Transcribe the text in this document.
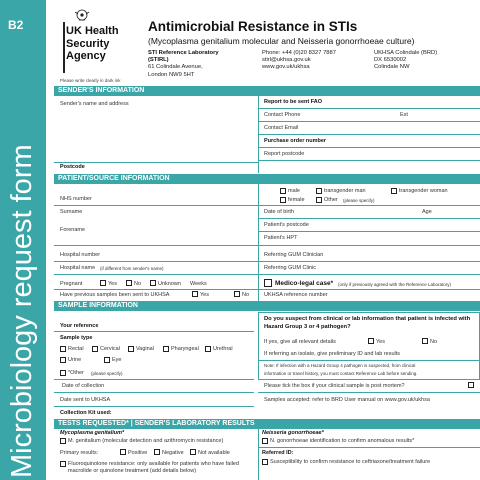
B2
Microbiology request form
UK Health
Security
Agency
Please write clearly in dark ink
Antimicrobial Resistance in STIs
(Mycoplasma genitalium molecular and Neisseria gonorrhoeae culture)
STI Reference Laboratory
(STIRL)
61 Colindale Avenue,
London NW9 5HT
Phone: +44 (0)20 8327 7887
stirl@ukhsa.gov.uk
www.gov.uk/ukhsa
UKHSA Colindale (BRD)
DX 6530002
Colindale NW
SENDER'S INFORMATION
Sender's name and address
Postcode
Report to be sent FAO
Contact Phone	Ext
Contact Email
Purchase order number
Report postcode
PATIENT/SOURCE INFORMATION
male	transgender man	transgender woman
female	Other (please specify)
NHS number
Surname	Date of birth	Age
Patient's postcode
Forename
Patient's HPT
Hospital number	Referring GUM Clinician
Hospital name (if different from sender's name)	Referring GUM Clinic
Pregnant	Yes	No	Unknown Weeks	Medico-legal case* (only if previously agreed with the Reference Laboratory)
Have previous samples been sent to UKHSA	Yes	No	UKHSA reference number
SAMPLE INFORMATION
Your reference
Sample type
Rectal	Cervical	Vaginal	Pharyngeal	Urethral
Urine	Eye
*Other (please specify)
Date of collection
Date sent to UKHSA
Collection Kit used:
Do you suspect from clinical or lab information that patient is infected with Hazard Group 3 or 4 pathogen?
If yes, give all relevant details	Yes	No
If referring an isolate, give preliminary ID and lab results
Note: If infection with a Hazard Group 4 pathogen is suspected, from clinical
information or travel history, you must contact Reference Lab before sending.
Please tick the box if your clinical sample is post mortem?
Samples accepted: refer to BRD User manual on www.gov.uk/ukhsa
TESTS REQUESTED* | SENDER'S LABORATORY RESULTS
Mycoplasma genitalium*
M. genitalium (molecular detection and azithromycin resistance)
Primary results:	Positive	Negative	Not available
Fluoroquinolone resistance: only available for patients who have failed macrolide or quinolone treatment (add details below)
Neisseria gonorrhoeae*
N. gonorrhoeae identification to confirm anomalous results*
Referred ID:
Susceptibility to confirm resistance to ceftriaxone/treatment failure
